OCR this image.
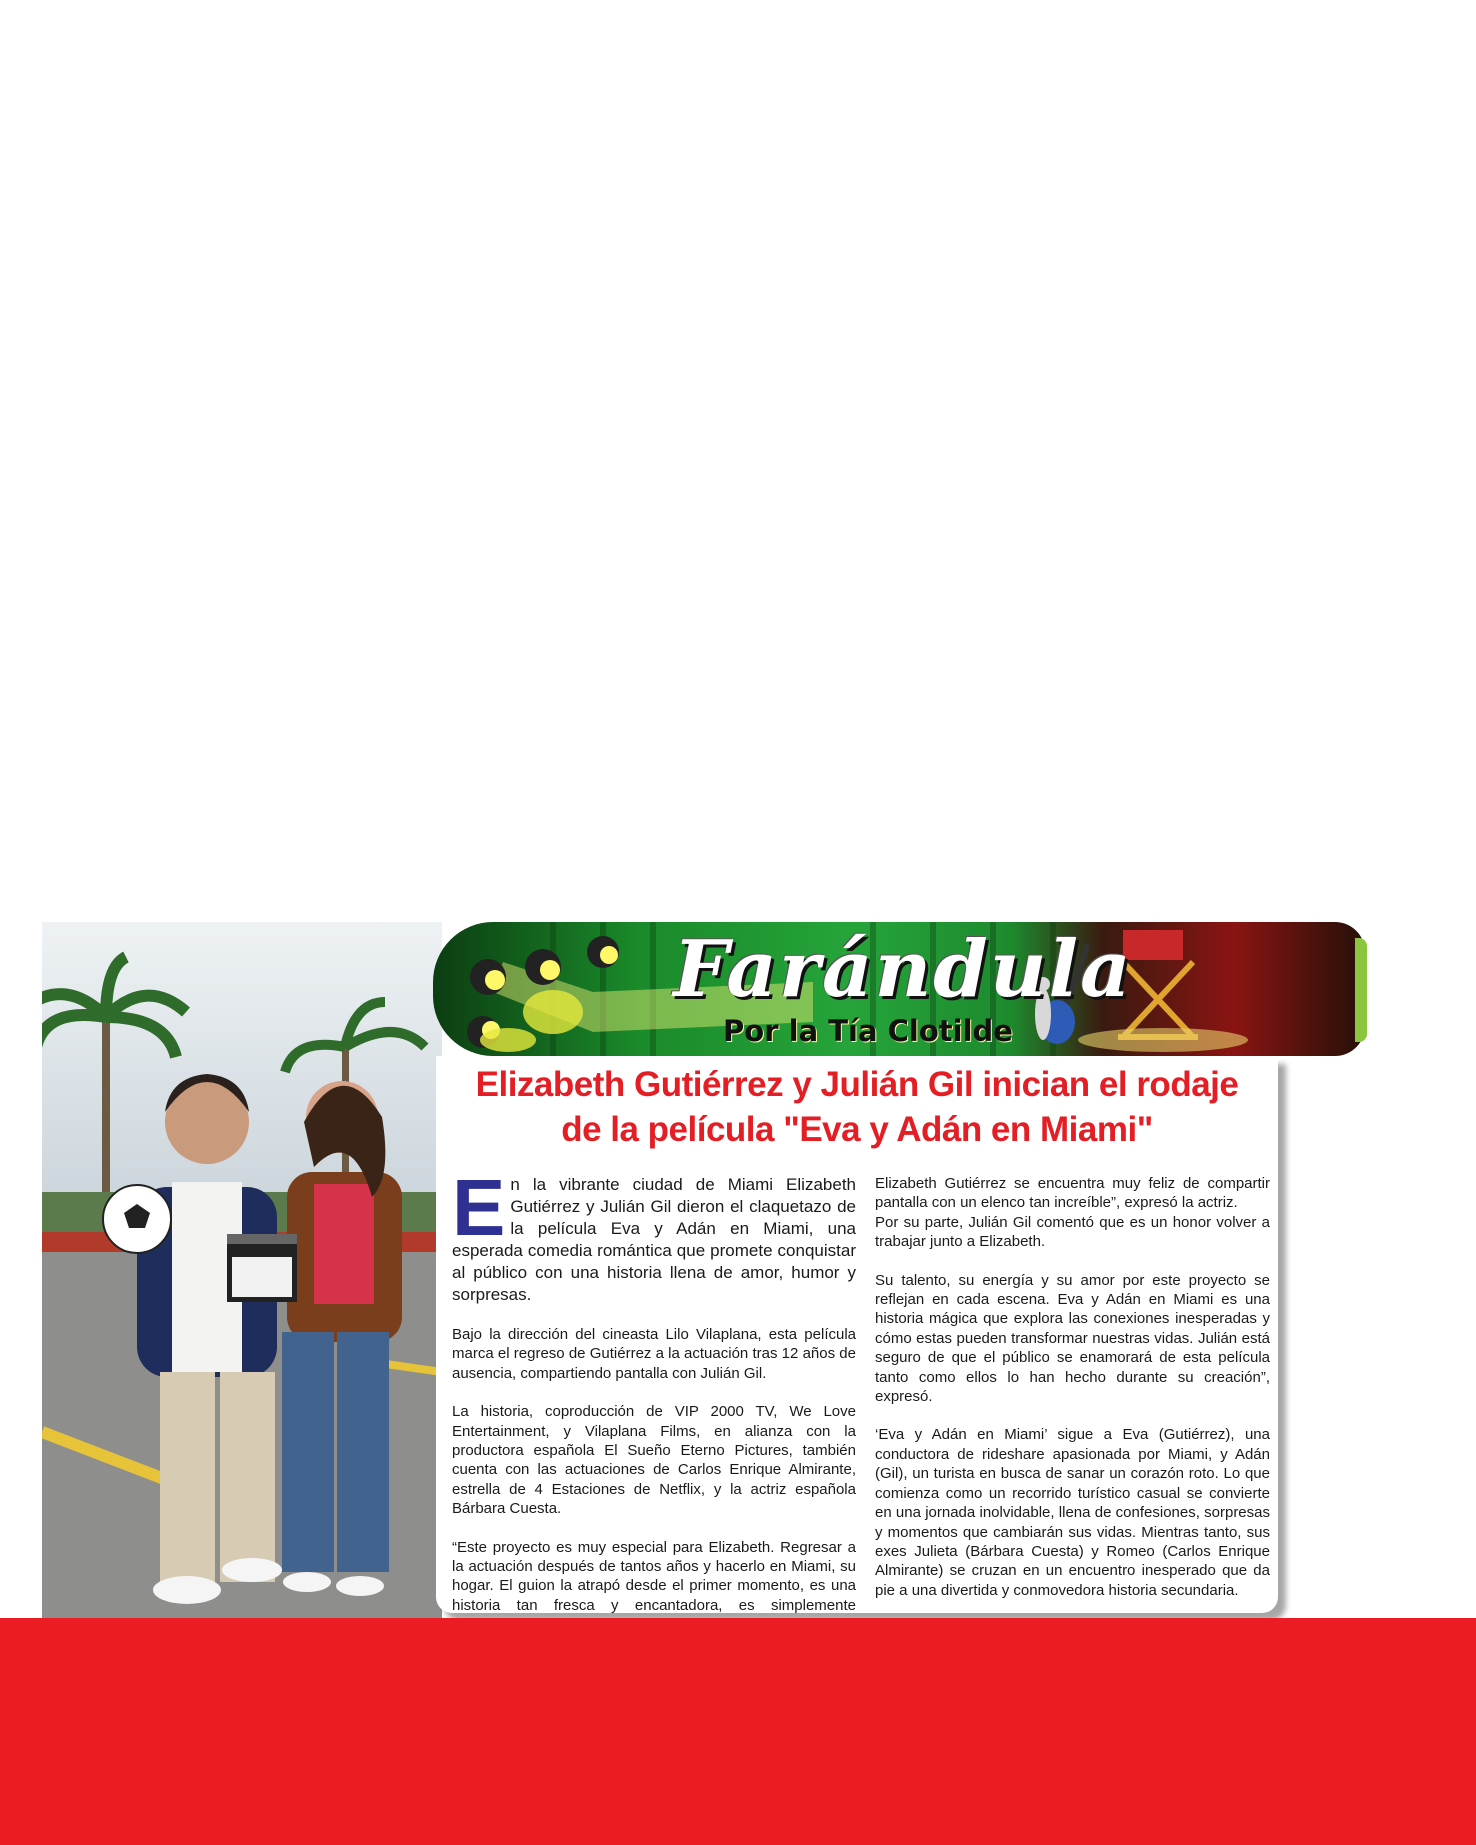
Farándula
Por la Tía Clotilde
Elizabeth Gutiérrez y Julián Gil inician el rodaje
de la película "Eva y Adán en Miami"

En la vibrante ciudad de Miami Elizabeth Gutiérrez y Julián Gil dieron el claquetazo de la película Eva y Adán en Miami, una esperada comedia romántica que promete conquistar al público con una historia llena de amor, humor y sorpresas.

Bajo la dirección del cineasta Lilo Vilaplana, esta película marca el regreso de Gutiérrez a la actuación tras 12 años de ausencia, compartiendo pantalla con Julián Gil.

La historia, coproducción de VIP 2000 TV, We Love Entertainment, y Vilaplana Films, en alianza con la productora española El Sueño Eterno Pictures, también cuenta con las actuaciones de Carlos Enrique Almirante, estrella de 4 Estaciones de Netflix, y la actriz española Bárbara Cuesta.

“Este proyecto es muy especial para Elizabeth. Regresar a la actuación después de tantos años y hacerlo en Miami, su hogar. El guion la atrapó desde el primer momento, es una historia tan fresca y encantadora, es simplemente

Elizabeth Gutiérrez se encuentra muy feliz de compartir pantalla con un elenco tan increíble”, expresó la actriz.

Por su parte, Julián Gil comentó que es un honor volver a trabajar junto a Elizabeth.

Su talento, su energía y su amor por este proyecto se reflejan en cada escena. Eva y Adán en Miami es una historia mágica que explora las conexiones inesperadas y cómo estas pueden transformar nuestras vidas. Julián está seguro de que el público se enamorará de esta película tanto como ellos lo han hecho durante su creación”, expresó.

‘Eva y Adán en Miami’ sigue a Eva (Gutiérrez), una conductora de rideshare apasionada por Miami, y Adán (Gil), un turista en busca de sanar un corazón roto. Lo que comienza como un recorrido turístico casual se convierte en una jornada inolvidable, llena de confesiones, sorpresas y momentos que cambiarán sus vidas. Mientras tanto, sus exes Julieta (Bárbara Cuesta) y Romeo (Carlos Enrique Almirante) se cruzan en un encuentro inesperado que da pie a una divertida y conmovedora historia secundaria.
